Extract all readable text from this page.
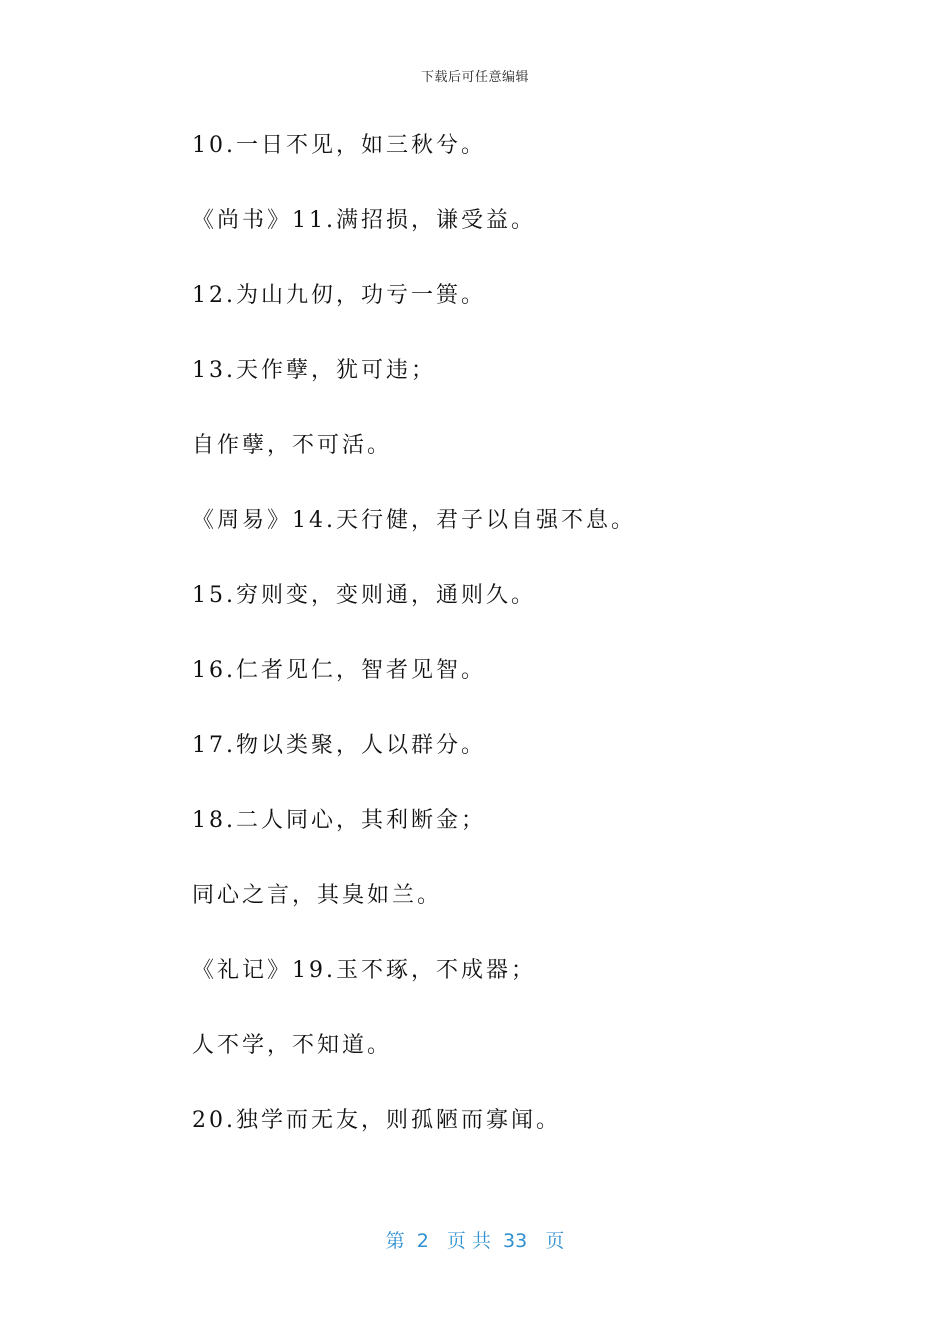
下载后可任意编辑
10.一日不见，如三秋兮。
《尚书》11.满招损，谦受益。
12.为山九仞，功亏一篑。
13.天作孽，犹可违；
自作孽，不可活。
《周易》14.天行健，君子以自强不息。
15.穷则变，变则通，通则久。
16.仁者见仁，智者见智。
17.物以类聚，人以群分。
18.二人同心，其利断金；
同心之言，其臭如兰。
《礼记》19.玉不琢，不成器；
人不学，不知道。
20.独学而无友，则孤陋而寡闻。
第  2   页 共  33   页
